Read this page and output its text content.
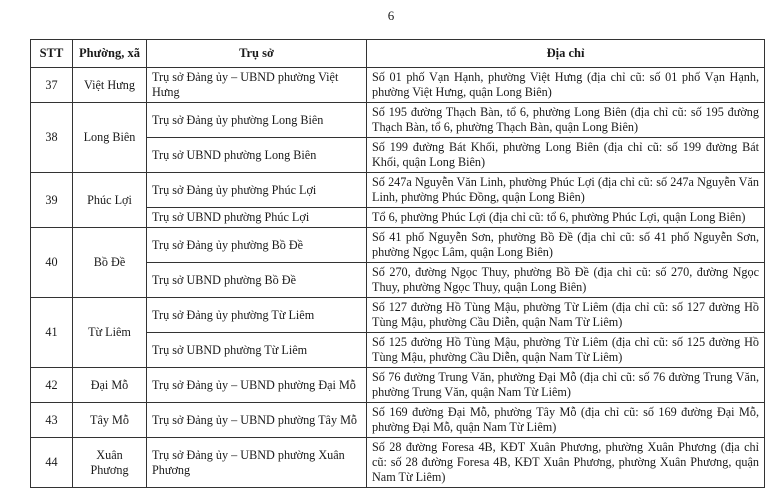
6
STT	Phường, xã	Trụ sở	Địa chỉ
37	Việt Hưng	Trụ sở Đảng ủy – UBND phường Việt Hưng	Số 01 phố Vạn Hạnh, phường Việt Hưng (địa chỉ cũ: số 01 phố Vạn Hạnh, phường Việt Hưng, quận Long Biên)
38	Long Biên	Trụ sở Đảng ủy phường Long Biên	Số 195 đường Thạch Bàn, tổ 6, phường Long Biên (địa chỉ cũ: số 195 đường Thạch Bàn, tổ 6, phường Thạch Bàn, quận Long Biên)
		Trụ sở UBND phường Long Biên	Số 199 đường Bát Khối, phường Long Biên (địa chỉ cũ: số 199 đường Bát Khối, quận Long Biên)
39	Phúc Lợi	Trụ sở Đảng ủy phường Phúc Lợi	Số 247a Nguyễn Văn Linh, phường Phúc Lợi (địa chỉ cũ: số 247a Nguyễn Văn Linh, phường Phúc Đồng, quận Long Biên)
		Trụ sở UBND phường Phúc Lợi	Tổ 6, phường Phúc Lợi (địa chỉ cũ: tổ 6, phường Phúc Lợi, quận Long Biên)
40	Bồ Đề	Trụ sở Đảng ủy phường Bồ Đề	Số 41 phố Nguyễn Sơn, phường Bồ Đề (địa chỉ cũ: số 41 phố Nguyễn Sơn, phường Ngọc Lâm, quận Long Biên)
		Trụ sở UBND phường Bồ Đề	Số 270, đường Ngọc Thuy, phường Bồ Đề (địa chỉ cũ: số 270, đường Ngọc Thuy, phường Ngọc Thuy, quận Long Biên)
41	Từ Liêm	Trụ sở Đảng ủy phường Từ Liêm	Số 127 đường Hồ Tùng Mậu, phường Từ Liêm (địa chỉ cũ: số 127 đường Hồ Tùng Mậu, phường Cầu Diễn, quận Nam Từ Liêm)
		Trụ sở UBND phường Từ Liêm	Số 125 đường Hồ Tùng Mậu, phường Từ Liêm (địa chỉ cũ: số 125 đường Hồ Tùng Mậu, phường Cầu Diễn, quận Nam Từ Liêm)
42	Đại Mỗ	Trụ sở Đảng ủy – UBND phường Đại Mỗ	Số 76 đường Trung Văn, phường Đại Mỗ (địa chỉ cũ: số 76 đường Trung Văn, phường Trung Văn, quận Nam Từ Liêm)
43	Tây Mỗ	Trụ sở Đảng ủy – UBND phường Tây Mỗ	Số 169 đường Đại Mỗ, phường Tây Mỗ (địa chỉ cũ: số 169 đường Đại Mỗ, phường Đại Mỗ, quận Nam Từ Liêm)
44	Xuân Phương	Trụ sở Đảng ủy – UBND phường Xuân Phương	Số 28 đường Foresa 4B, KĐT Xuân Phương, phường Xuân Phương (địa chỉ cũ: số 28 đường Foresa 4B, KĐT Xuân Phương, phường Xuân Phương, quận Nam Từ Liêm)
